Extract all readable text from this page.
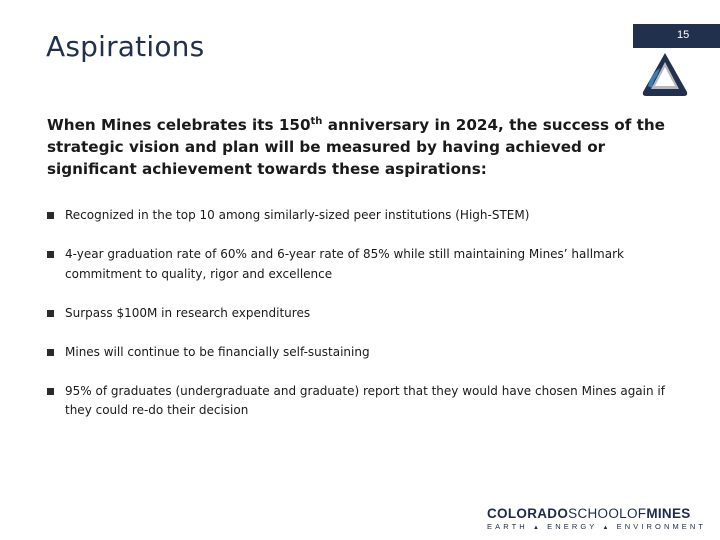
Aspirations	15
When Mines celebrates its 150th anniversary in 2024, the success of the strategic vision and plan will be measured by having achieved or significant achievement towards these aspirations:
Recognized in the top 10 among similarly-sized peer institutions (High-STEM)
4-year graduation rate of 60% and 6-year rate of 85% while still maintaining Mines’ hallmark commitment to quality, rigor and excellence
Surpass $100M in research expenditures
Mines will continue to be financially self-sustaining
95% of graduates (undergraduate and graduate) report that they would have chosen Mines again if they could re-do their decision
COLORADOSCHOOLOFMINES
EARTH ▲ ENERGY ▲ ENVIRONMENT
